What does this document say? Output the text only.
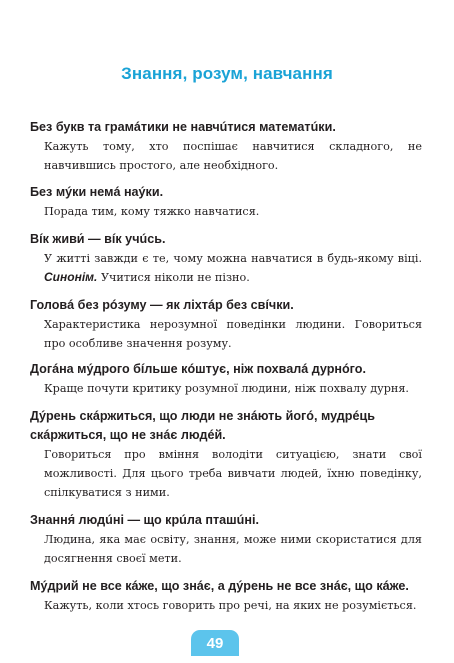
Знання, розум, навчання
Без букв та грамáтики не навчúтися математúки.
Кажуть тому, хто поспішає навчитися складного, не навчившись простого, але необхідного.
Без мýки немá наýки.
Порада тим, кому тяжко навчатися.
Вíк живи́ — вíк учúсь.
У житті завжди є те, чому можна навчатися в будь-якому віці. Синонім. Учитися ніколи не пізно.
Головá без рóзуму — як ліхтáр без свíчки.
Характеристика нерозумної поведінки людини. Говориться про особливе значення розуму.
Догáна мýдрого бíльше кóштує, ніж похвалá дурнóго.
Краще почути критику розумної людини, ніж похвалу дурня.
Дýрень скáржиться, що люди не знáють йогó, мудрéць скáржиться, що не знáє людéй.
Говориться про вміння володіти ситуацією, знати свої можливості. Для цього треба вивчати людей, їхню поведінку, спілкуватися з ними.
Знання́ людúні — що крúла пташúні.
Людина, яка має освіту, знання, може ними скористатися для досягнення своєї мети.
Мýдрий не все кáже, що знáє, а дýрень не все знáє, що кáже.
Кажуть, коли хтось говорить про речі, на яких не розуміється.
49
